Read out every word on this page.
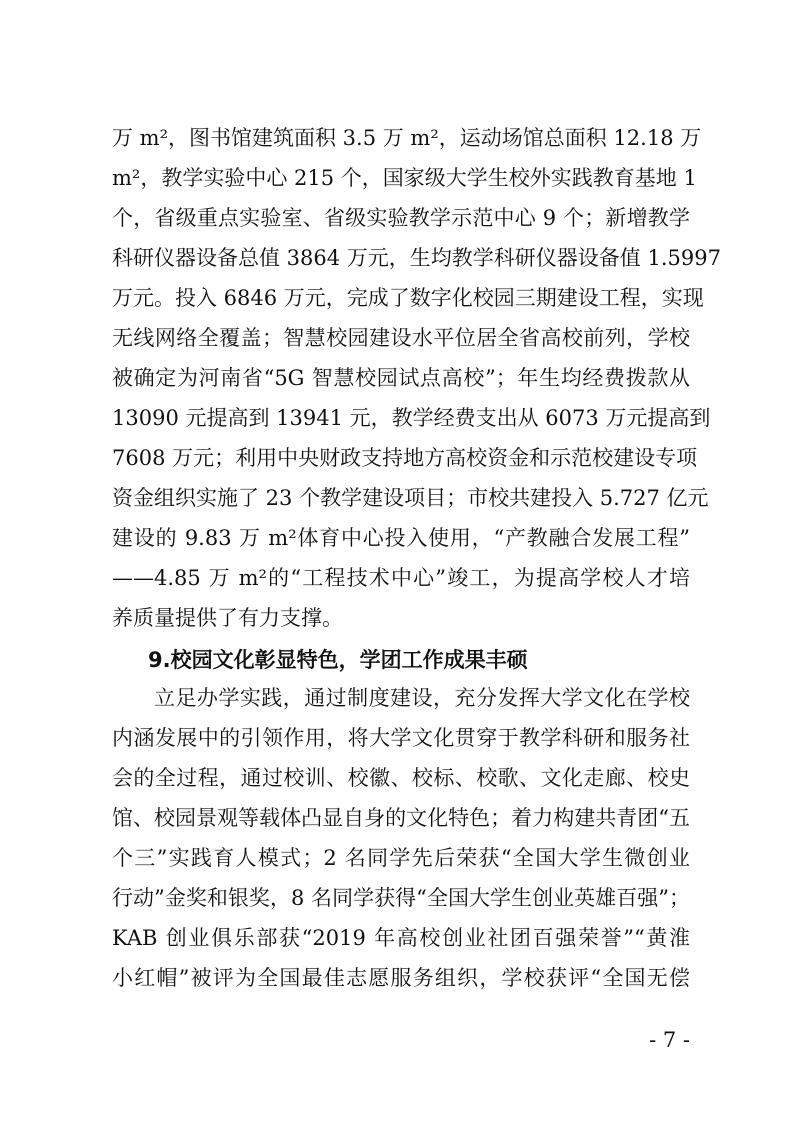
万 m²，图书馆建筑面积 3.5 万 m²，运动场馆总面积 12.18 万
m²，教学实验中心 215 个，国家级大学生校外实践教育基地 1
个，省级重点实验室、省级实验教学示范中心 9 个；新增教学
科研仪器设备总值 3864 万元，生均教学科研仪器设备值 1.5997
万元。投入 6846 万元，完成了数字化校园三期建设工程，实现
无线网络全覆盖；智慧校园建设水平位居全省高校前列，学校
被确定为河南省“5G 智慧校园试点高校”；年生均经费拨款从
13090 元提高到 13941 元，教学经费支出从 6073 万元提高到
7608 万元；利用中央财政支持地方高校资金和示范校建设专项
资金组织实施了 23 个教学建设项目；市校共建投入 5.727 亿元
建设的 9.83 万 m²体育中心投入使用，“产教融合发展工程”
——4.85 万 m²的“工程技术中心”竣工，为提高学校人才培
养质量提供了有力支撑。
9.校园文化彰显特色，学团工作成果丰硕
立足办学实践，通过制度建设，充分发挥大学文化在学校
内涵发展中的引领作用，将大学文化贯穿于教学科研和服务社
会的全过程，通过校训、校徽、校标、校歌、文化走廊、校史
馆、校园景观等载体凸显自身的文化特色；着力构建共青团“五
个三”实践育人模式；2 名同学先后荣获“全国大学生微创业
行动”金奖和银奖，8 名同学获得“全国大学生创业英雄百强”；
KAB 创业俱乐部获“2019 年高校创业社团百强荣誉”“黄淮
小红帽”被评为全国最佳志愿服务组织，学校获评“全国无偿
- 7 -
